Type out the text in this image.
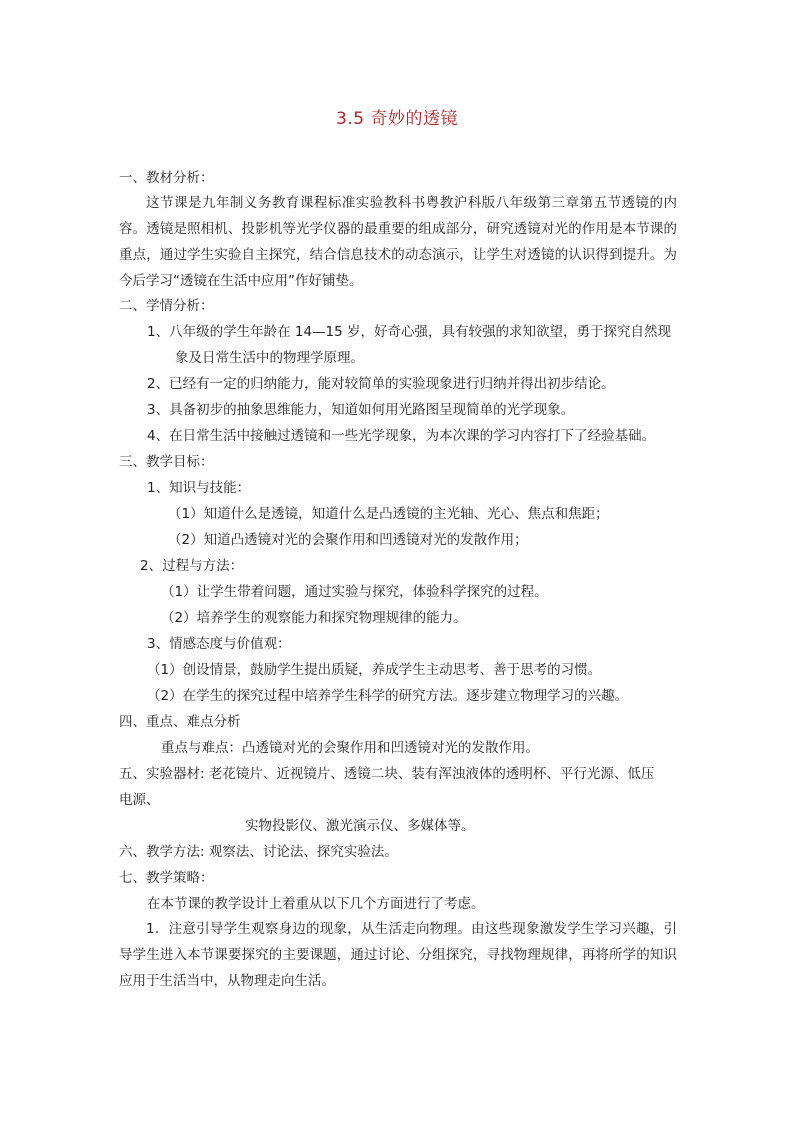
3.5 奇妙的透镜
一、教材分析：
这节课是九年制义务教育课程标准实验教科书粤教沪科版八年级第三章第五节透镜的内容。透镜是照相机、投影机等光学仪器的最重要的组成部分，研究透镜对光的作用是本节课的重点，通过学生实验自主探究，结合信息技术的动态演示，让学生对透镜的认识得到提升。为今后学习“透镜在生活中应用”作好铺垫。
二、学情分析：
1、八年级的学生年龄在 14—15 岁，好奇心强，具有较强的求知欲望，勇于探究自然现
象及日常生活中的物理学原理。
2、已经有一定的归纳能力，能对较简单的实验现象进行归纳并得出初步结论。
3、具备初步的抽象思维能力，知道如何用光路图呈现简单的光学现象。
4、在日常生活中接触过透镜和一些光学现象，为本次课的学习内容打下了经验基础。
三、教学目标：
1、知识与技能：
（1）知道什么是透镜，知道什么是凸透镜的主光轴、光心、焦点和焦距；
（2）知道凸透镜对光的会聚作用和凹透镜对光的发散作用；
2、过程与方法：
（1）让学生带着问题，通过实验与探究，体验科学探究的过程。
（2）培养学生的观察能力和探究物理规律的能力。
3、情感态度与价值观：
（1）创设情景，鼓励学生提出质疑，养成学生主动思考、善于思考的习惯。
（2）在学生的探究过程中培养学生科学的研究方法。逐步建立物理学习的兴趣。
四、重点、难点分析
重点与难点：凸透镜对光的会聚作用和凹透镜对光的发散作用。
五、实验器材: 老花镜片、近视镜片、透镜二块、装有浑浊液体的透明杯、平行光源、低压
电源、
实物投影仪、激光演示仪、多媒体等。
六、教学方法: 观察法、讨论法、探究实验法。
七、教学策略：
在本节课的教学设计上着重从以下几个方面进行了考虑。
1．注意引导学生观察身边的现象，从生活走向物理。由这些现象激发学生学习兴趣，引导学生进入本节课要探究的主要课题，通过讨论、分组探究，寻找物理规律，再将所学的知识应用于生活当中，从物理走向生活。
